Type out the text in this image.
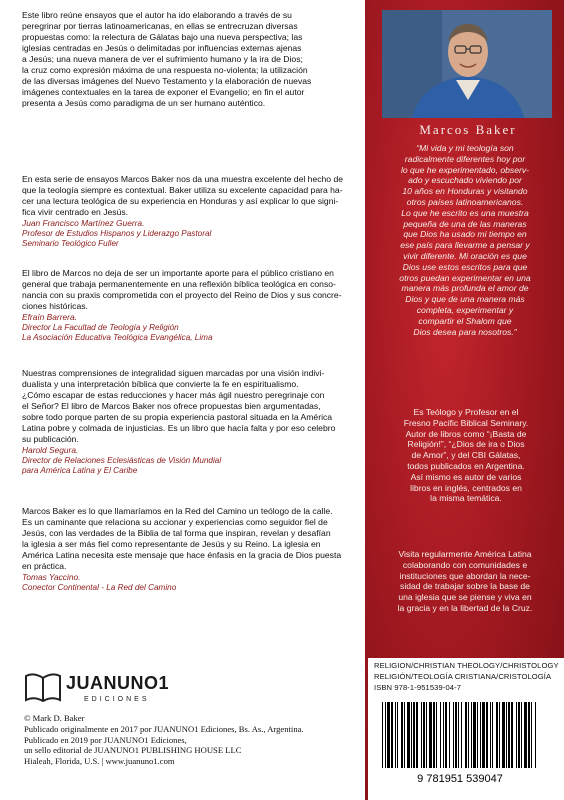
Este libro reúne ensayos que el autor ha ido elaborando a través de su
peregrinar por tierras latinoamericanas, en ellas se entrecruzan diversas
propuestas como: la relectura de Gálatas bajo una nueva perspectiva; las
iglesias centradas en Jesús o delimitadas por influencias externas ajenas
a Jesús; una nueva manera de ver el sufrimiento humano y la ira de Dios;
la cruz como expresión máxima de una respuesta no-violenta; la utilización
de las diversas imágenes del Nuevo Testamento y la elaboración de nuevas
imágenes contextuales en la tarea de exponer el Evangelio; en fin el autor
presenta a Jesús como paradigma de un ser humano auténtico.

En esta serie de ensayos Marcos Baker nos da una muestra excelente del hecho de
que la teología siempre es contextual. Baker utiliza su excelente capacidad para ha-
cer una lectura teológica de su experiencia en Honduras y así explicar lo que signi-
fica vivir centrado en Jesús.
Juan Francisco Martínez Guerra.
Profesor de Estudios Hispanos y Liderazgo Pastoral
Seminario Teológico Fuller

El libro de Marcos no deja de ser un importante aporte para el público cristiano en
general que trabaja permanentemente en una reflexión bíblica teológica en conso-
nancia con su praxis comprometida con el proyecto del Reino de Dios y sus concre-
ciones históricas.
Efraín Barrera.
Director La Facultad de Teología y Religión
La Asociación Educativa Teológica Evangélica, Lima

Nuestras comprensiones de integralidad siguen marcadas por una visión indivi-
dualista y una interpretación bíblica que convierte la fe en espiritualismo.
¿Cómo escapar de estas reducciones y hacer más ágil nuestro peregrinaje con
el Señor? El libro de Marcos Baker nos ofrece propuestas bien argumentadas,
sobre todo porque parten de su propia experiencia pastoral situada en la América
Latina pobre y colmada de injusticias. Es un libro que hacía falta y por eso celebro
su publicación.
Harold Segura.
Director de Relaciones Eclesiásticas de Visión Mundial
para América Latina y El Caribe

Marcos Baker es lo que llamaríamos en la Red del Camino un teólogo de la calle.
Es un caminante que relaciona su accionar y experiencias como seguidor fiel de
Jesús, con las verdades de la Biblia de tal forma que inspiran, revelan y desafían
la iglesia a ser más fiel como representante de Jesús y su Reino. La iglesia en
América Latina necesita este mensaje que hace énfasis en la gracia de Dios puesta
en práctica.
Tomas Yaccino.
Conector Continental - La Red del Camino

JUANUNO1
EDICIONES

© Mark D. Baker
Publicado originalmente en 2017 por JUANUNO1 Ediciones, Bs. As., Argentina.
Publicado en 2019 por JUANUNO1 Ediciones,
un sello editorial de JUANUNO1 PUBLISHING HOUSE LLC
Hialeah, Florida, U.S. | www.juanuno1.com

Marcos Baker

“Mi vida y mi teología son
radicalmente diferentes hoy por
lo que he experimentado, observ-
ado y escuchado viviendo por
10 años en Honduras y visitando
otros países latinoamericanos.
Lo que he escrito es una muestra
pequeña de una de las maneras
que Dios ha usado mi tiempo en
ese país para llevarme a pensar y
vivir diferente. Mi oración es que
Dios use estos escritos para que
otros puedan experimentar en una
manera más profunda el amor de
Dios y que de una manera más
completa, experimentar y
compartir el Shalom que
Dios desea para nosotros.”

Es Teólogo y Profesor en el
Fresno Pacific Biblical Seminary.
Autor de libros como “¡Basta de
Religión!”, “¿Dios de ira o Dios
de Amor”, y del CBI Gálatas,
todos publicados en Argentina.
Así mismo es autor de varios
libros en inglés, centrados en
la misma temática.

Visita regularmente América Latina
colaborando con comunidades e
instituciones que abordan la nece-
sidad de trabajar sobre la base de
una iglesia que se piense y viva en
la gracia y en la libertad de la Cruz.

RELIGION/CHRISTIAN THEOLOGY/CHRISTOLOGY
RELIGIÓN/TEOLOGÍA CRISTIANA/CRISTOLOGÍA
ISBN 978-1-951539-04-7
9 781951 539047
